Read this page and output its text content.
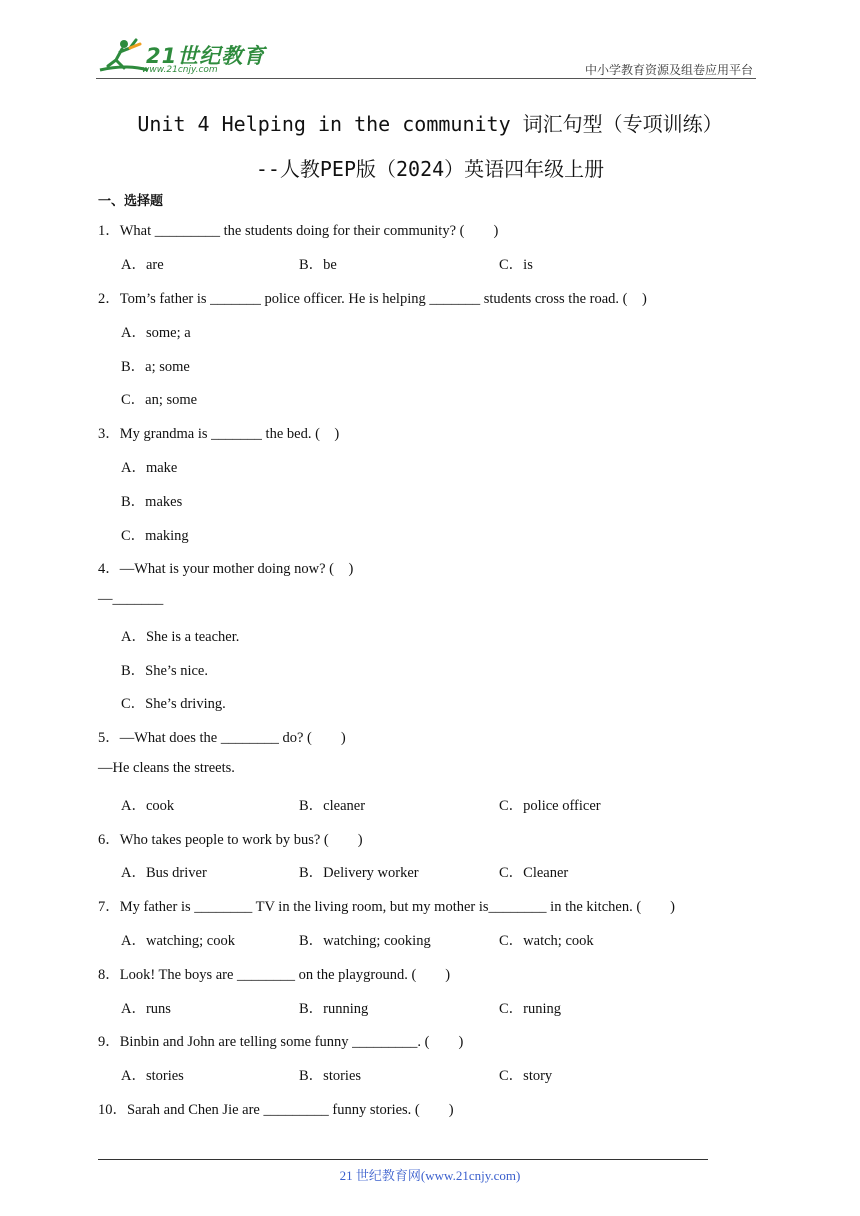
21世纪教育
www.21cnjy.com	中小学教育资源及组卷应用平台
Unit 4 Helping in the community 词汇句型（专项训练）
--人教PEP版（2024）英语四年级上册
一、选择题
1．What _________ the students doing for their community? (　　)
A．are	B．be	C．is
2．Tom’s father is _______ police officer. He is helping _______ students cross the road. (　)
A．some; a
B．a; some
C．an; some
3．My grandma is _______ the bed. (　)
A．make
B．makes
C．making
4．—What is your mother doing now? (　)
—_______
A．She is a teacher.
B．She’s nice.
C．She’s driving.
5．—What does the ________ do? (　　)
—He cleans the streets.
A．cook	B．cleaner	C．police officer
6．Who takes people to work by bus? (　　)
A．Bus driver	B．Delivery worker	C．Cleaner
7．My father is ________ TV in the living room, but my mother is________ in the kitchen. (　　)
A．watching; cook	B．watching; cooking	C．watch; cook
8．Look! The boys are ________ on the playground. (　　)
A．runs	B．running	C．runing
9．Binbin and John are telling some funny _________. (　　)
A．stories	B．stories	C．story
10．Sarah and Chen Jie are _________ funny stories. (　　)
21 世纪教育网(www.21cnjy.com)
